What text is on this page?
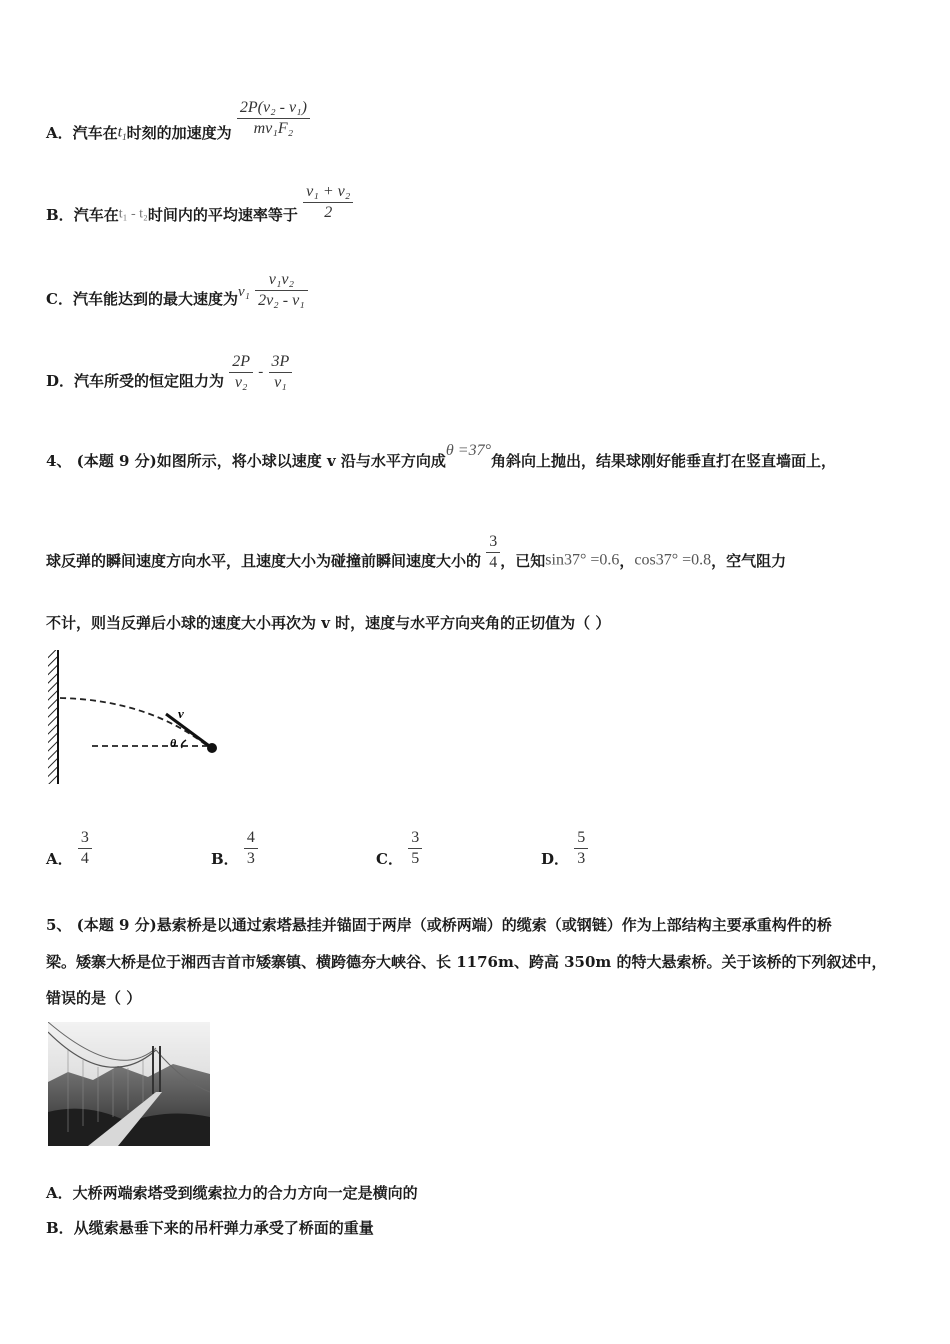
A．汽车在$t_1$时刻的加速度为 $\frac{\text{2P(v₂ - v₁)}}{\text{mv₁F₂}}$
B．汽车在t₁ - t₂时间内的平均速率等于 $\frac{\text{v₁ + v₂}}{2}$
C．汽车能达到的最大速度为$v_1 \frac{\text{v₁v₂}}{\text{2v₂ - v₁}}$
D．汽车所受的恒定阻力为 $\frac{2P}{\text{v₂}} - \frac{3P}{\text{v₁}}$
4、 (本题 9 分)如图所示，将小球以速度 v 沿与水平方向成θ =37°角斜向上抛出，结果球刚好能垂直打在竖直墙面上，
球反弹的瞬间速度方向水平，且速度大小为碰撞前瞬间速度大小的 $\frac{3}{4}$ ，已知sin37° =0.6，cos37° =0.8，空气阻力
不计，则当反弹后小球的速度大小再次为 v 时，速度与水平方向夹角的正切值为（ ）
v
θ
A． $\frac{3}{4}$	B． $\frac{4}{3}$	C． $\frac{3}{5}$	D． $\frac{5}{3}$
5、 (本题 9 分)悬索桥是以通过索塔悬挂并锚固于两岸（或桥两端）的缆索（或钢链）作为上部结构主要承重构件的桥
梁。矮寨大桥是位于湘西吉首市矮寨镇、横跨德夯大峡谷、长 1176m、跨高 350m 的特大悬索桥。关于该桥的下列叙述中，
错误的是（ ）
A．大桥两端索塔受到缆索拉力的合力方向一定是横向的
B．从缆索悬垂下来的吊杆弹力承受了桥面的重量
